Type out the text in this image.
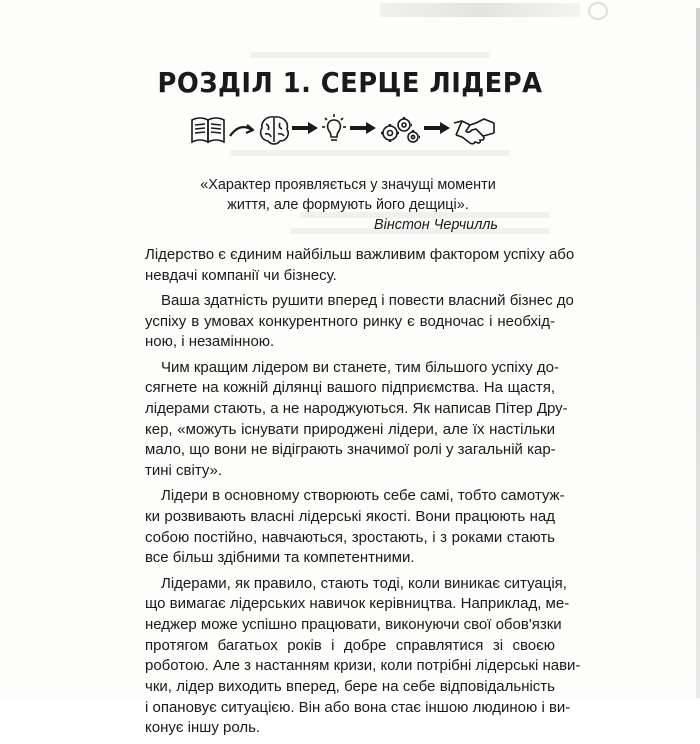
РОЗДІЛ 1. СЕРЦЕ ЛІДЕРА
«Характер проявляється у значущі моменти
життя, але формують його дещиці».
Вінстон Черчилль

Лідерство є єдиним найбільш важливим фактором успіху або
невдачі компанії чи бізнесу.

Ваша здатність рушити вперед і повести власний бізнес до
успіху в умовах конкурентного ринку є водночас і необхід-
ною, і незамінною.

Чим кращим лідером ви станете, тим більшого успіху до-
сягнете на кожній ділянці вашого підприємства. На щастя,
лідерами стають, а не народжуються. Як написав Пітер Дру-
кер, «можуть існувати природжені лідери, але їх настільки
мало, що вони не відіграють значимої ролі у загальній кар-
тині світу».

Лідери в основному створюють себе самі, тобто самотуж-
ки розвивають власні лідерські якості. Вони працюють над
собою постійно, навчаються, зростають, і з роками стають
все більш здібними та компетентними.

Лідерами, як правило, стають тоді, коли виникає ситуація,
що вимагає лідерських навичок керівництва. Наприклад, ме-
неджер може успішно працювати, виконуючи свої обов'язки
протягом багатьох років і добре справлятися зі своєю
роботою. Але з настанням кризи, коли потрібні лідерські нави-
чки, лідер виходить вперед, бере на себе відповідальність
і опановує ситуацією. Він або вона стає іншою людиною і ви-
конує іншу роль.
